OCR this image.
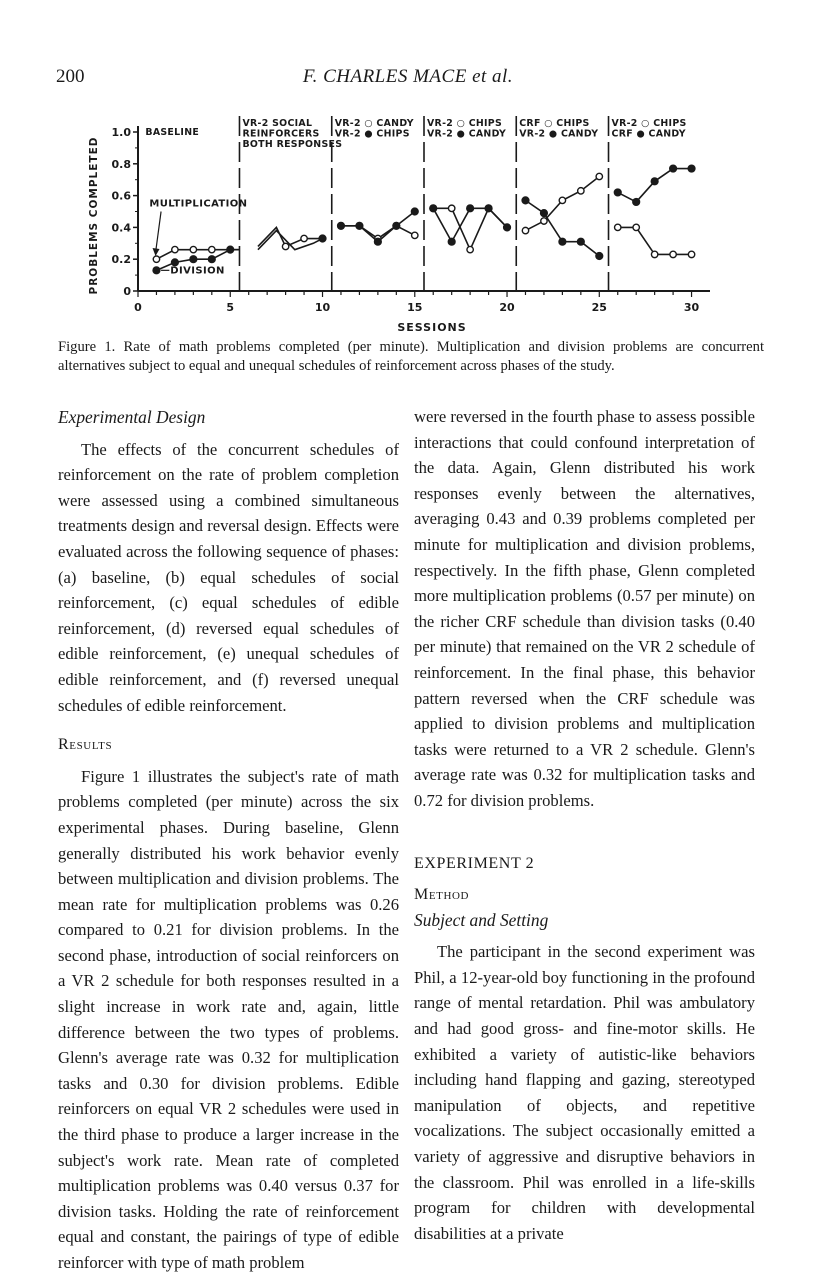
200	F. CHARLES MACE et al.
0
0.2
0.4
0.6
0.8
1.0
0	5	10	15	20	25	30
PROBLEMS COMPLETED
SESSIONS
BASELINE
VR-2 SOCIAL
REINFORCERS
BOTH RESPONSES
VR-2 ○ CANDY
VR-2 ● CHIPS
VR-2 ○ CHIPS
VR-2 ● CANDY
CRF ○ CHIPS
VR-2 ● CANDY
VR-2 ○ CHIPS
CRF ● CANDY
MULTIPLICATION
DIVISION
Figure 1. Rate of math problems completed (per minute). Multiplication and division problems are concurrent alternatives subject to equal and unequal schedules of reinforcement across phases of the study.

Experimental Design

The effects of the concurrent schedules of reinforcement on the rate of problem completion were assessed using a combined simultaneous treatments design and reversal design. Effects were evaluated across the following sequence of phases: (a) baseline, (b) equal schedules of social reinforcement, (c) equal schedules of edible reinforcement, (d) reversed equal schedules of edible reinforcement, (e) unequal schedules of edible reinforcement, and (f) reversed unequal schedules of edible reinforcement.

Results

Figure 1 illustrates the subject's rate of math problems completed (per minute) across the six experimental phases. During baseline, Glenn generally distributed his work behavior evenly between multiplication and division problems. The mean rate for multiplication problems was 0.26 compared to 0.21 for division problems. In the second phase, introduction of social reinforcers on a VR 2 schedule for both responses resulted in a slight increase in work rate and, again, little difference between the two types of problems. Glenn's average rate was 0.32 for multiplication tasks and 0.30 for division problems. Edible reinforcers on equal VR 2 schedules were used in the third phase to produce a larger increase in the subject's work rate. Mean rate of completed multiplication problems was 0.40 versus 0.37 for division tasks. Holding the rate of reinforcement equal and constant, the pairings of type of edible reinforcer with type of math problem

were reversed in the fourth phase to assess possible interactions that could confound interpretation of the data. Again, Glenn distributed his work responses evenly between the alternatives, averaging 0.43 and 0.39 problems completed per minute for multiplication and division problems, respectively. In the fifth phase, Glenn completed more multiplication problems (0.57 per minute) on the richer CRF schedule than division tasks (0.40 per minute) that remained on the VR 2 schedule of reinforcement. In the final phase, this behavior pattern reversed when the CRF schedule was applied to division problems and multiplication tasks were returned to a VR 2 schedule. Glenn's average rate was 0.32 for multiplication tasks and 0.72 for division problems.

EXPERIMENT 2

Method

Subject and Setting

The participant in the second experiment was Phil, a 12-year-old boy functioning in the profound range of mental retardation. Phil was ambulatory and had good gross- and fine-motor skills. He exhibited a variety of autistic-like behaviors including hand flapping and gazing, stereotyped manipulation of objects, and repetitive vocalizations. The subject occasionally emitted a variety of aggressive and disruptive behaviors in the classroom. Phil was enrolled in a life-skills program for children with developmental disabilities at a private
